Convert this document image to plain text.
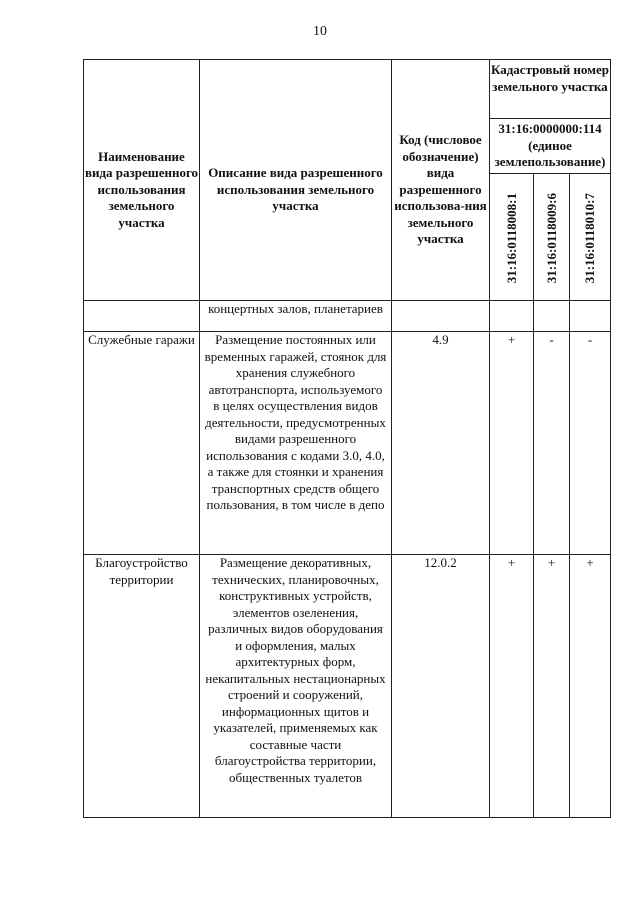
10
Наименование вида разрешенного использования земельного участка	Описание вида разрешенного использования земельного участка	Код (числовое обозначение) вида разрешенного использова-ния земельного участка	Кадастровый номер земельного участка		
			31:16:0000000:114 (единое землепользование)		
			31:16:0118008:1	31:16:0118009:6	31:16:0118010:7
	концертных залов, планетариев				
Служебные гаражи	Размещение постоянных или временных гаражей, стоянок для хранения служебного автотранспорта, используемого в целях осуществления видов деятельности, предусмотренных видами разрешенного использования с кодами 3.0, 4.0, а также для стоянки и хранения транспортных средств общего пользования, в том числе в депо	4.9	+	-	-
Благоустройство территории	Размещение декоративных, технических, планировочных, конструктивных устройств, элементов озеленения, различных видов оборудования и оформления, малых архитектурных форм, некапитальных нестационарных строений и сооружений, информационных щитов и указателей, применяемых как составные части благоустройства территории, общественных туалетов	12.0.2	+	+	+
